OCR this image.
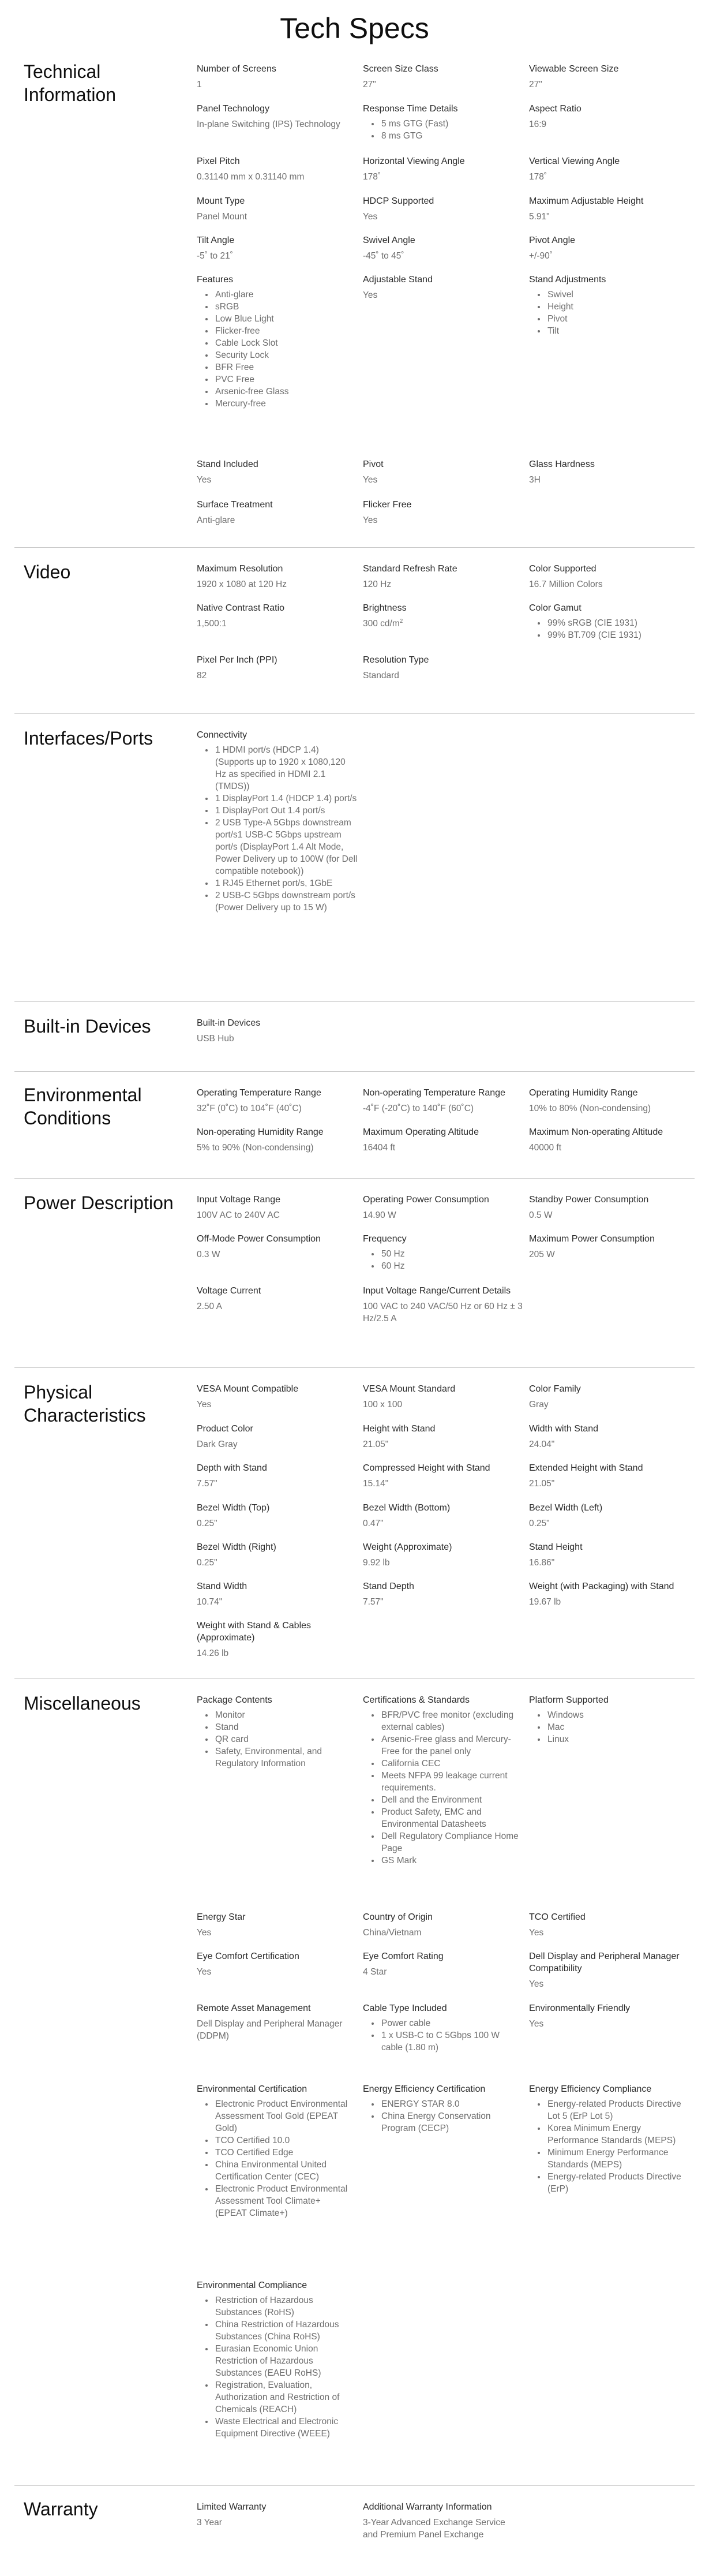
Tech Specs
Technical Information
Number of Screens
1
Screen Size Class
27"
Viewable Screen Size
27"
Panel Technology
In-plane Switching (IPS) Technology
Response Time Details
• 5 ms GTG (Fast)
• 8 ms GTG
Aspect Ratio
16:9
Pixel Pitch
0.31140 mm x 0.31140 mm
Horizontal Viewing Angle
178˚
Vertical Viewing Angle
178˚
Mount Type
Panel Mount
HDCP Supported
Yes
Maximum Adjustable Height
5.91"
Tilt Angle
-5˚ to 21˚
Swivel Angle
-45˚ to 45˚
Pivot Angle
+/-90˚
Features
• Anti-glare
• sRGB
• Low Blue Light
• Flicker-free
• Cable Lock Slot
• Security Lock
• BFR Free
• PVC Free
• Arsenic-free Glass
• Mercury-free
Adjustable Stand
Yes
Stand Adjustments
• Swivel
• Height
• Pivot
• Tilt
Stand Included
Yes
Pivot
Yes
Glass Hardness
3H
Surface Treatment
Anti-glare
Flicker Free
Yes
Video	Maximum Resolution
1920 x 1080 at 120 Hz
Standard Refresh Rate
120 Hz
Color Supported
16.7 Million Colors
Native Contrast Ratio
1,500:1
Brightness
300 $cd/m^2$
Color Gamut
• 99% sRGB (CIE 1931)
• 99% BT.709 (CIE 1931)
Pixel Per Inch (PPI)
82
Resolution Type
Standard
Interfaces/Ports	Connectivity
• 1 HDMI port/s (HDCP 1.4) (Supports up to 1920 x 1080,120 Hz as specified in HDMI 2.1 (TMDS))
• 1 DisplayPort 1.4 (HDCP 1.4) port/s
• 1 DisplayPort Out 1.4 port/s
• 2 USB Type-A 5Gbps downstream port/s1 USB-C 5Gbps upstream port/s (DisplayPort 1.4 Alt Mode, Power Delivery up to 100W (for Dell compatible notebook))
• 1 RJ45 Ethernet port/s, 1GbE
• 2 USB-C 5Gbps downstream port/s (Power Delivery up to 15 W)
Built-in Devices	Built-in Devices
USB Hub
Environmental Conditions
Operating Temperature Range
32˚F (0˚C) to 104˚F (40˚C)
Non-operating Temperature Range
-4˚F (-20˚C) to 140˚F (60˚C)
Operating Humidity Range
10% to 80% (Non-condensing)
Non-operating Humidity Range
5% to 90% (Non-condensing)
Maximum Operating Altitude
16404 ft
Maximum Non-operating Altitude
40000 ft
Power Description	Input Voltage Range
100V AC to 240V AC
Operating Power Consumption
14.90 W
Standby Power Consumption
0.5 W
Off-Mode Power Consumption
0.3 W
Frequency
• 50 Hz
• 60 Hz
Maximum Power Consumption
205 W
Voltage Current
2.50 A
Input Voltage Range/Current Details
100 VAC to 240 VAC/50 Hz or 60 Hz ± 3 Hz/2.5 A
Physical Characteristics
VESA Mount Compatible
Yes
VESA Mount Standard
100 x 100
Color Family
Gray
Product Color
Dark Gray
Height with Stand
21.05"
Width with Stand
24.04"
Depth with Stand
7.57"
Compressed Height with Stand
15.14"
Extended Height with Stand
21.05"
Bezel Width (Top)
0.25"
Bezel Width (Bottom)
0.47"
Bezel Width (Left)
0.25"
Bezel Width (Right)
0.25"
Weight (Approximate)
9.92 lb
Stand Height
16.86"
Stand Width
10.74"
Stand Depth
7.57"
Weight (with Packaging) with Stand
19.67 lb
Weight with Stand & Cables (Approximate)
14.26 lb
Miscellaneous	Package Contents
• Monitor
• Stand
• QR card
• Safety, Environmental, and Regulatory Information
Certifications & Standards
• BFR/PVC free monitor (excluding external cables)
• Arsenic-Free glass and Mercury-Free for the panel only
• California CEC
• Meets NFPA 99 leakage current requirements.
• Dell and the Environment
• Product Safety, EMC and Environmental Datasheets
• Dell Regulatory Compliance Home Page
• GS Mark
Platform Supported
• Windows
• Mac
• Linux
Energy Star
Yes
Country of Origin
China/Vietnam
TCO Certified
Yes
Eye Comfort Certification
Yes
Eye Comfort Rating
4 Star
Dell Display and Peripheral Manager Compatibility
Yes
Remote Asset Management
Dell Display and Peripheral Manager (DDPM)
Cable Type Included
• Power cable
• 1 x USB-C to C 5Gbps 100 W cable (1.80 m)
Environmentally Friendly
Yes
Environmental Certification
• Electronic Product Environmental Assessment Tool Gold (EPEAT Gold)
• TCO Certified 10.0
• TCO Certified Edge
• China Environmental United Certification Center (CEC)
• Electronic Product Environmental Assessment Tool Climate+ (EPEAT Climate+)
Energy Efficiency Certification
• ENERGY STAR 8.0
• China Energy Conservation Program (CECP)
Energy Efficiency Compliance
• Energy-related Products Directive Lot 5 (ErP Lot 5)
• Korea Minimum Energy Performance Standards (MEPS)
• Minimum Energy Performance Standards (MEPS)
• Energy-related Products Directive (ErP)
Environmental Compliance
• Restriction of Hazardous Substances (RoHS)
• China Restriction of Hazardous Substances (China RoHS)
• Eurasian Economic Union Restriction of Hazardous Substances (EAEU RoHS)
• Registration, Evaluation, Authorization and Restriction of Chemicals (REACH)
• Waste Electrical and Electronic Equipment Directive (WEEE)
Warranty	Limited Warranty
3 Year
Additional Warranty Information
3-Year Advanced Exchange Service and Premium Panel Exchange
